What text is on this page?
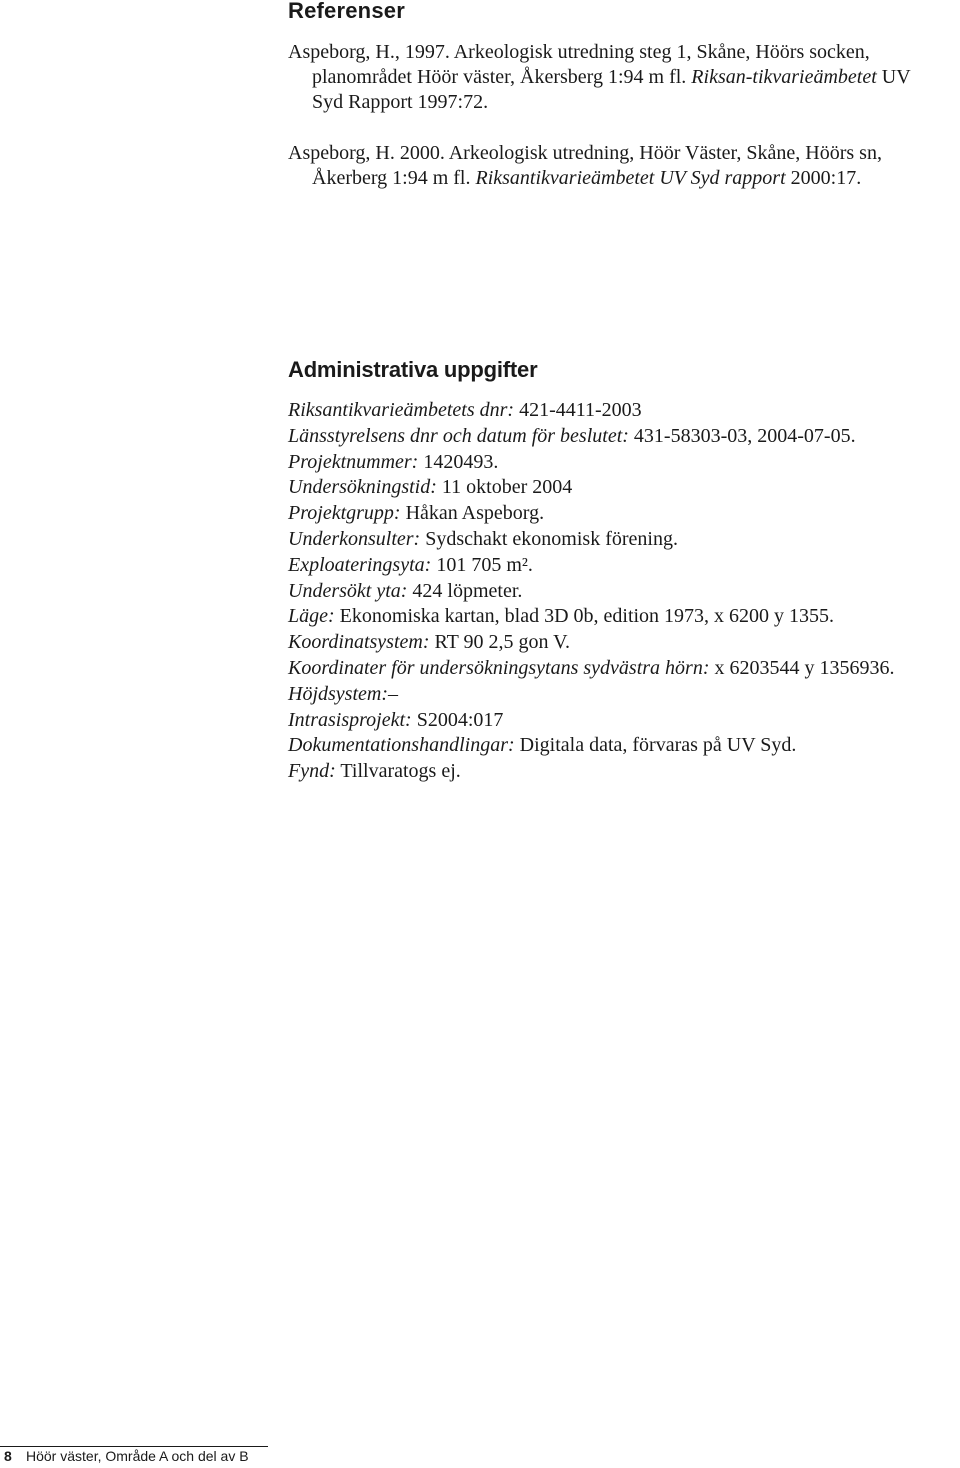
Referenser

Aspeborg, H., 1997. Arkeologisk utredning steg 1, Skåne, Höörs socken, planområdet Höör väster, Åkersberg 1:94 m fl. Riksan-tikvarieämbetet UV Syd Rapport 1997:72.

Aspeborg, H. 2000. Arkeologisk utredning, Höör Väster, Skåne, Höörs sn, Åkerberg 1:94 m fl. Riksantikvarieämbetet UV Syd rapport 2000:17.

Administrativa uppgifter

Riksantikvarieämbetets dnr: 421-4411-2003

Länsstyrelsens dnr och datum för beslutet: 431-58303-03, 2004-07-05.

Projektnummer: 1420493.

Undersökningstid: 11 oktober 2004

Projektgrupp: Håkan Aspeborg.

Underkonsulter: Sydschakt ekonomisk förening.

Exploateringsyta: 101 705 m².

Undersökt yta: 424 löpmeter.

Läge: Ekonomiska kartan, blad 3D 0b, edition 1973, x 6200 y 1355.

Koordinatsystem: RT 90 2,5 gon V.

Koordinater för undersökningsytans sydvästra hörn: x 6203544 y 1356936.

Höjdsystem:–

Intrasisprojekt: S2004:017

Dokumentationshandlingar: Digitala data, förvaras på UV Syd.

Fynd: Tillvaratogs ej.

8 Höör väster, Område A och del av B
